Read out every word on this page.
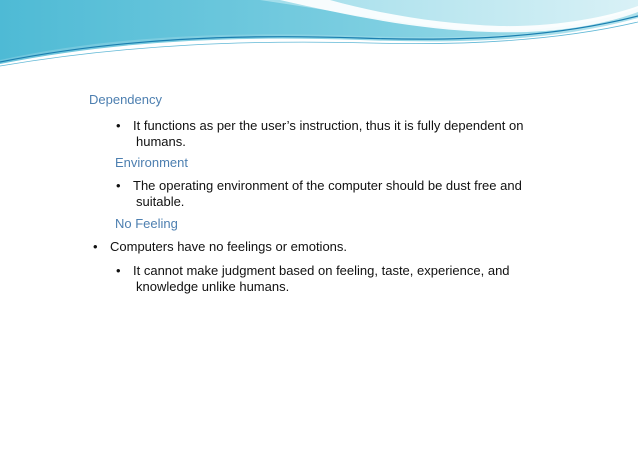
Dependency
• It functions as per the user’s instruction, thus it is fully dependent on
humans.
Environment
• The operating environment of the computer should be dust free and
suitable.
No Feeling
• Computers have no feelings or emotions.
• It cannot make judgment based on feeling, taste, experience, and
knowledge unlike humans.
